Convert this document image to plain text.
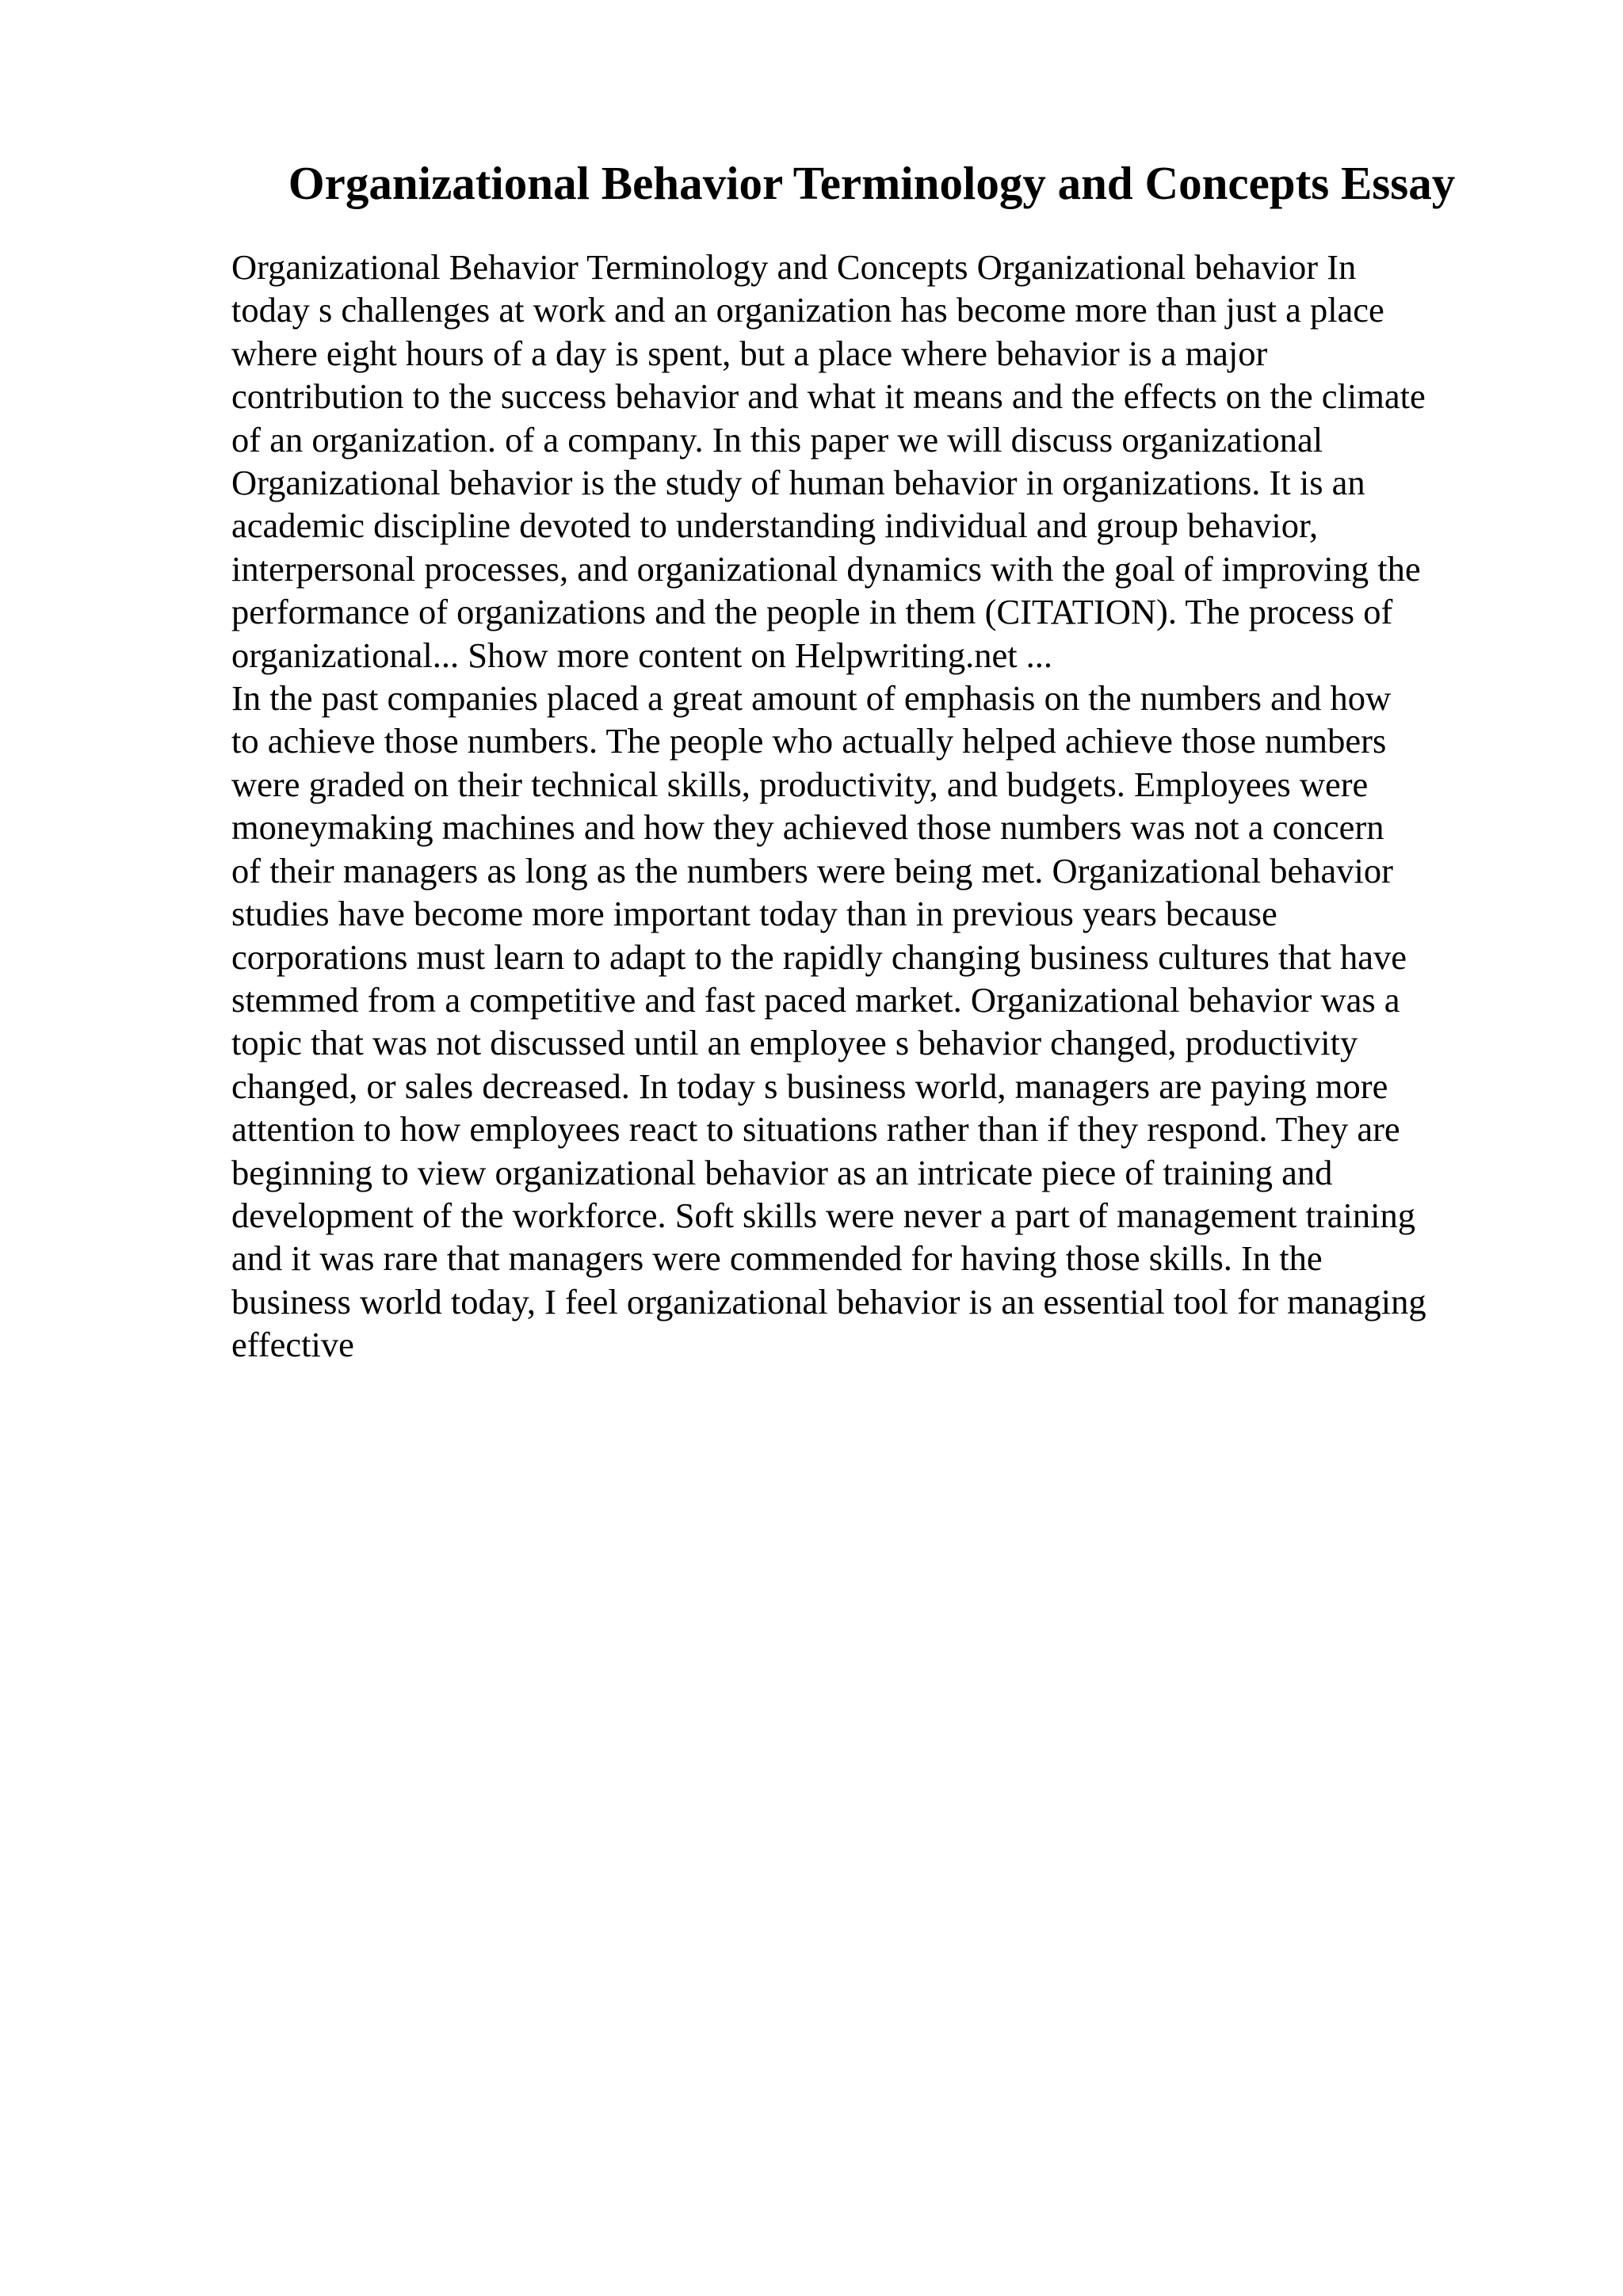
Organizational Behavior Terminology and Concepts Essay
Organizational Behavior Terminology and Concepts Organizational behavior In
today s challenges at work and an organization has become more than just a place
where eight hours of a day is spent, but a place where behavior is a major
contribution to the success behavior and what it means and the effects on the climate
of an organization. of a company. In this paper we will discuss organizational
Organizational behavior is the study of human behavior in organizations. It is an
academic discipline devoted to understanding individual and group behavior,
interpersonal processes, and organizational dynamics with the goal of improving the
performance of organizations and the people in them (CITATION). The process of
organizational... Show more content on Helpwriting.net ...
In the past companies placed a great amount of emphasis on the numbers and how
to achieve those numbers. The people who actually helped achieve those numbers
were graded on their technical skills, productivity, and budgets. Employees were
moneymaking machines and how they achieved those numbers was not a concern
of their managers as long as the numbers were being met. Organizational behavior
studies have become more important today than in previous years because
corporations must learn to adapt to the rapidly changing business cultures that have
stemmed from a competitive and fast paced market. Organizational behavior was a
topic that was not discussed until an employee s behavior changed, productivity
changed, or sales decreased. In today s business world, managers are paying more
attention to how employees react to situations rather than if they respond. They are
beginning to view organizational behavior as an intricate piece of training and
development of the workforce. Soft skills were never a part of management training
and it was rare that managers were commended for having those skills. In the
business world today, I feel organizational behavior is an essential tool for managing
effective
